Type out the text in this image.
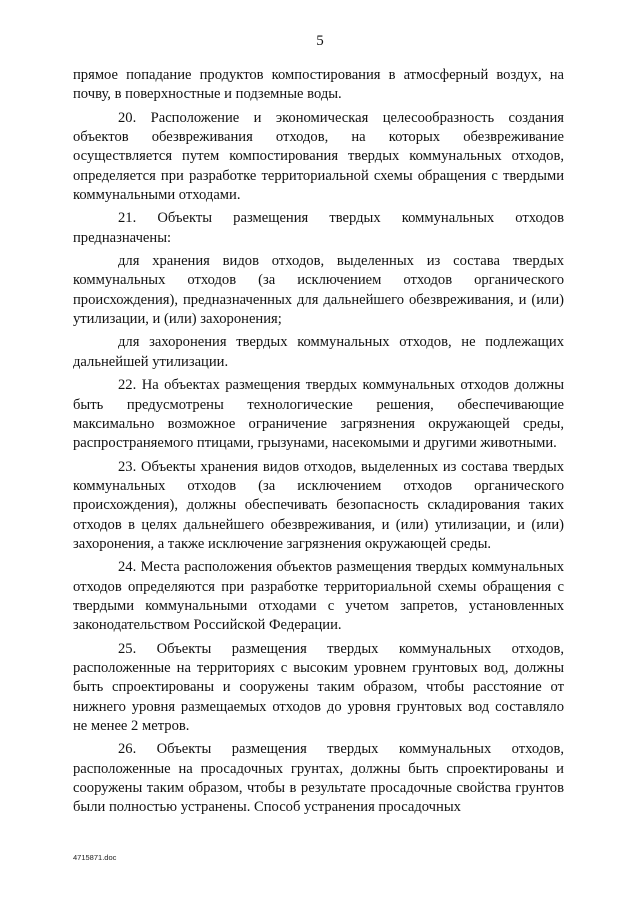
5

прямое попадание продуктов компостирования в атмосферный воздух, на почву, в поверхностные и подземные воды.

20. Расположение и экономическая целесообразность создания объектов обезвреживания отходов, на которых обезвреживание осуществляется путем компостирования твердых коммунальных отходов, определяется при разработке территориальной схемы обращения с твердыми коммунальными отходами.

21. Объекты размещения твердых коммунальных отходов предназначены:

для хранения видов отходов, выделенных из состава твердых коммунальных отходов (за исключением отходов органического происхождения), предназначенных для дальнейшего обезвреживания, и (или) утилизации, и (или) захоронения;

для захоронения твердых коммунальных отходов, не подлежащих дальнейшей утилизации.

22. На объектах размещения твердых коммунальных отходов должны быть предусмотрены технологические решения, обеспечивающие максимально возможное ограничение загрязнения окружающей среды, распространяемого птицами, грызунами, насекомыми и другими животными.

23. Объекты хранения видов отходов, выделенных из состава твердых коммунальных отходов (за исключением отходов органического происхождения), должны обеспечивать безопасность складирования таких отходов в целях дальнейшего обезвреживания, и (или) утилизации, и (или) захоронения, а также исключение загрязнения окружающей среды.

24. Места расположения объектов размещения твердых коммунальных отходов определяются при разработке территориальной схемы обращения с твердыми коммунальными отходами с учетом запретов, установленных законодательством Российской Федерации.

25. Объекты размещения твердых коммунальных отходов, расположенные на территориях с высоким уровнем грунтовых вод, должны быть спроектированы и сооружены таким образом, чтобы расстояние от нижнего уровня размещаемых отходов до уровня грунтовых вод составляло не менее 2 метров.

26. Объекты размещения твердых коммунальных отходов, расположенные на просадочных грунтах, должны быть спроектированы и сооружены таким образом, чтобы в результате просадочные свойства грунтов были полностью устранены. Способ устранения просадочных

4715871.doc
